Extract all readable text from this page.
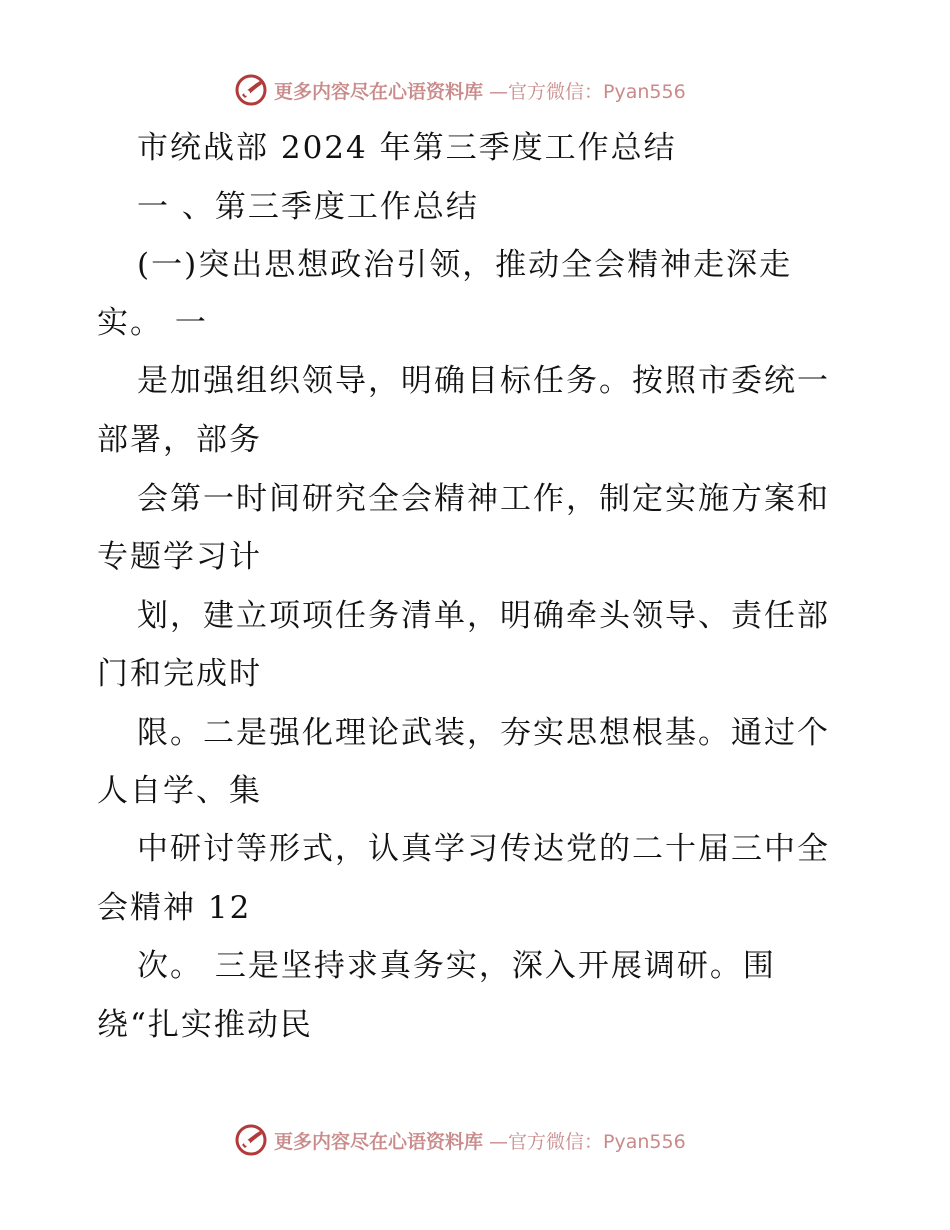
更多内容尽在心语资料库 —官方微信：Pyan556
市统战部 2024 年第三季度工作总结
一 、第三季度工作总结
(一)突出思想政治引领，推动全会精神走深走
实。 一
是加强组织领导，明确目标任务。按照市委统一
部署，部务
会第一时间研究全会精神工作，制定实施方案和
专题学习计
划，建立项项任务清单，明确牵头领导、责任部
门和完成时
限。二是强化理论武装，夯实思想根基。通过个
人自学、集
中研讨等形式，认真学习传达党的二十届三中全
会精神 12
次。 三是坚持求真务实，深入开展调研。围
绕“扎实推动民
更多内容尽在心语资料库 —官方微信：Pyan556
